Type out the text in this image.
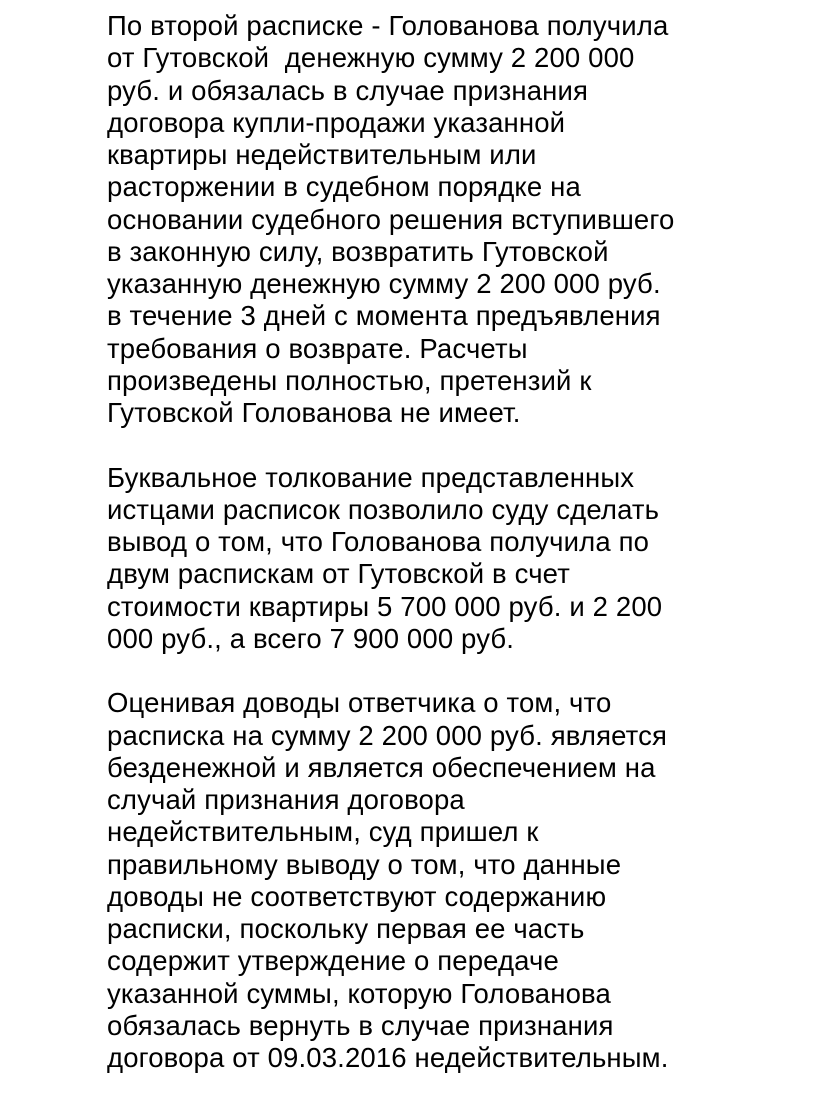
По второй расписке - Голованова получила
от Гутовской  денежную сумму 2 200 000
руб. и обязалась в случае признания
договора купли-продажи указанной
квартиры недействительным или
расторжении в судебном порядке на
основании судебного решения вступившего
в законную силу, возвратить Гутовской
указанную денежную сумму 2 200 000 руб.
в течение 3 дней с момента предъявления
требования о возврате. Расчеты
произведены полностью, претензий к
Гутовской Голованова не имеет.

Буквальное толкование представленных
истцами расписок позволило суду сделать
вывод о том, что Голованова получила по
двум распискам от Гутовской в счет
стоимости квартиры 5 700 000 руб. и 2 200
000 руб., а всего 7 900 000 руб.

Оценивая доводы ответчика о том, что
расписка на сумму 2 200 000 руб. является
безденежной и является обеспечением на
случай признания договора
недействительным, суд пришел к
правильному выводу о том, что данные
доводы не соответствуют содержанию
расписки, поскольку первая ее часть
содержит утверждение о передаче
указанной суммы, которую Голованова
обязалась вернуть в случае признания
договора от 09.03.2016 недействительным.
